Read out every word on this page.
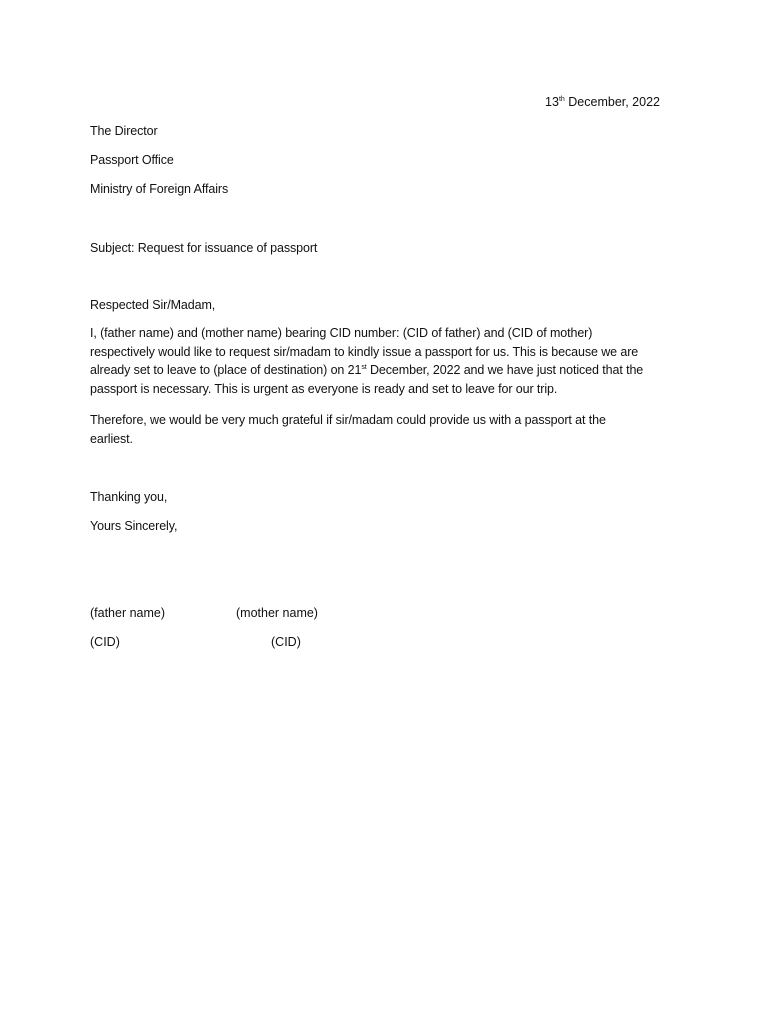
13th December, 2022
The Director
Passport Office
Ministry of Foreign Affairs
Subject: Request for issuance of passport
Respected Sir/Madam,
I, (father name) and (mother name) bearing CID number: (CID of father) and (CID of mother)
respectively would like to request sir/madam to kindly issue a passport for us. This is because we are
already set to leave to (place of destination) on 21st December, 2022 and we have just noticed that the
passport is necessary. This is urgent as everyone is ready and set to leave for our trip.
Therefore, we would be very much grateful if sir/madam could provide us with a passport at the
earliest.
Thanking you,
Yours Sincerely,
(father name)	(mother name)
(CID)	(CID)
